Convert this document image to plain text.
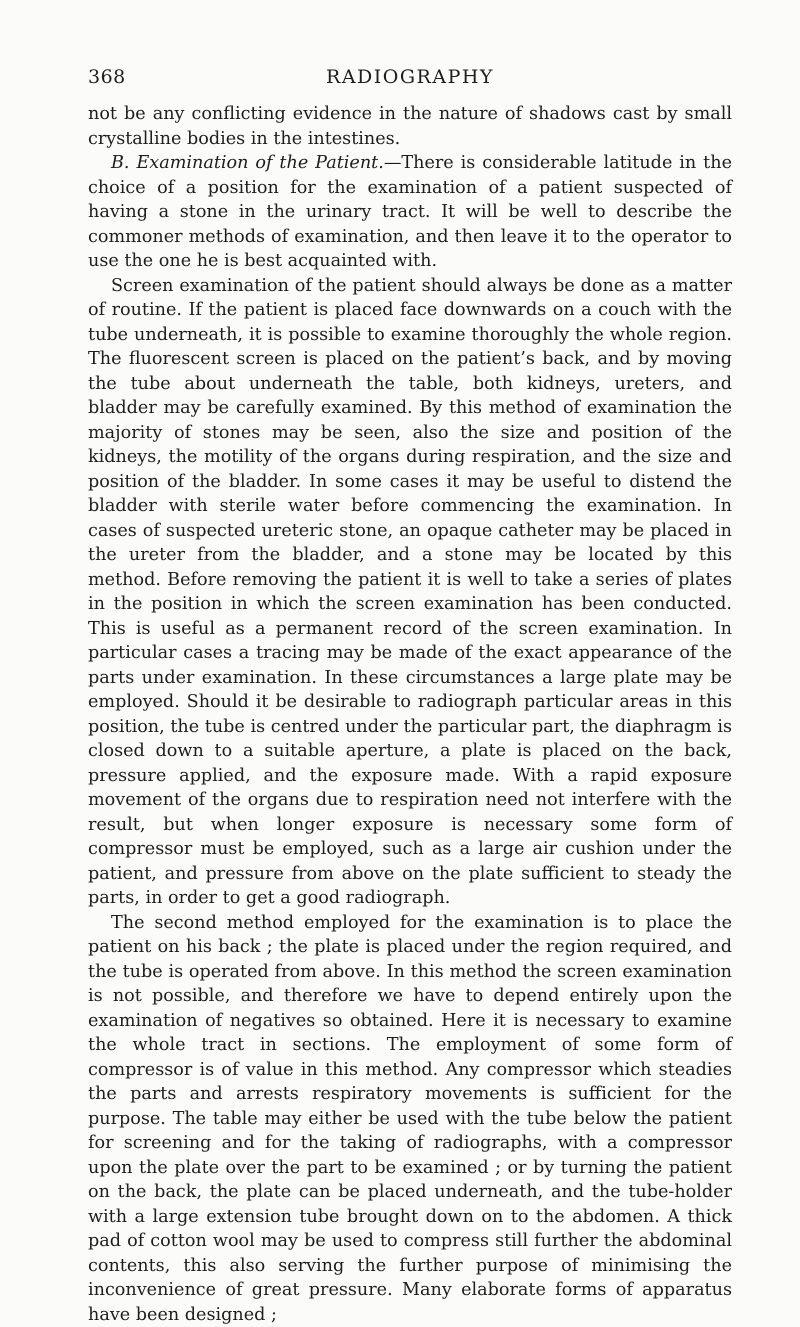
368	RADIOGRAPHY

not be any conflicting evidence in the nature of shadows cast by small crystalline bodies in the intestines.

B. Examination of the Patient.—There is considerable latitude in the choice of a position for the examination of a patient suspected of having a stone in the urinary tract. It will be well to describe the commoner methods of examination, and then leave it to the operator to use the one he is best acquainted with.

Screen examination of the patient should always be done as a matter of routine. If the patient is placed face downwards on a couch with the tube underneath, it is possible to examine thoroughly the whole region. The fluorescent screen is placed on the patient’s back, and by moving the tube about underneath the table, both kidneys, ureters, and bladder may be carefully examined. By this method of examination the majority of stones may be seen, also the size and position of the kidneys, the motility of the organs during respiration, and the size and position of the bladder. In some cases it may be useful to distend the bladder with sterile water before commencing the examination. In cases of suspected ureteric stone, an opaque catheter may be placed in the ureter from the bladder, and a stone may be located by this method. Before removing the patient it is well to take a series of plates in the position in which the screen examination has been conducted. This is useful as a permanent record of the screen examination. In particular cases a tracing may be made of the exact appearance of the parts under examination. In these circumstances a large plate may be employed. Should it be desirable to radiograph particular areas in this position, the tube is centred under the particular part, the diaphragm is closed down to a suitable aperture, a plate is placed on the back, pressure applied, and the exposure made. With a rapid exposure movement of the organs due to respiration need not interfere with the result, but when longer exposure is necessary some form of compressor must be employed, such as a large air cushion under the patient, and pressure from above on the plate sufficient to steady the parts, in order to get a good radiograph.

The second method employed for the examination is to place the patient on his back ; the plate is placed under the region required, and the tube is operated from above. In this method the screen examination is not possible, and therefore we have to depend entirely upon the examination of negatives so obtained. Here it is necessary to examine the whole tract in sections. The employment of some form of compressor is of value in this method. Any compressor which steadies the parts and arrests respiratory movements is sufficient for the purpose. The table may either be used with the tube below the patient for screening and for the taking of radiographs, with a compressor upon the plate over the part to be examined ; or by turning the patient on the back, the plate can be placed underneath, and the tube-holder with a large extension tube brought down on to the abdomen. A thick pad of cotton wool may be used to compress still further the abdominal contents, this also serving the further purpose of minimising the inconvenience of great pressure. Many elaborate forms of apparatus have been designed ;
